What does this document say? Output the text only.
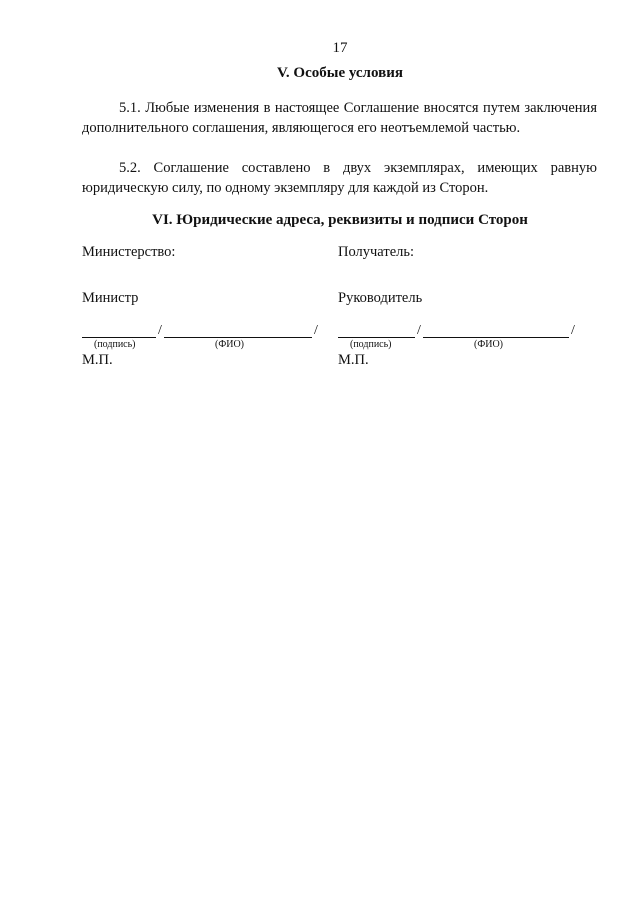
17
V. Особые условия
5.1. Любые изменения в настоящее Соглашение вносятся путем заключения дополнительного соглашения, являющегося его неотъемлемой частью.
5.2. Соглашение составлено в двух экземплярах, имеющих равную юридическую силу, по одному экземпляру для каждой из Сторон.
VI. Юридические адреса, реквизиты и подписи Сторон
Министерство:
Министр
/	/
(подпись)	(ФИО)
М.П.
Получатель:
Руководитель
/	/
(подпись)	(ФИО)
М.П.
